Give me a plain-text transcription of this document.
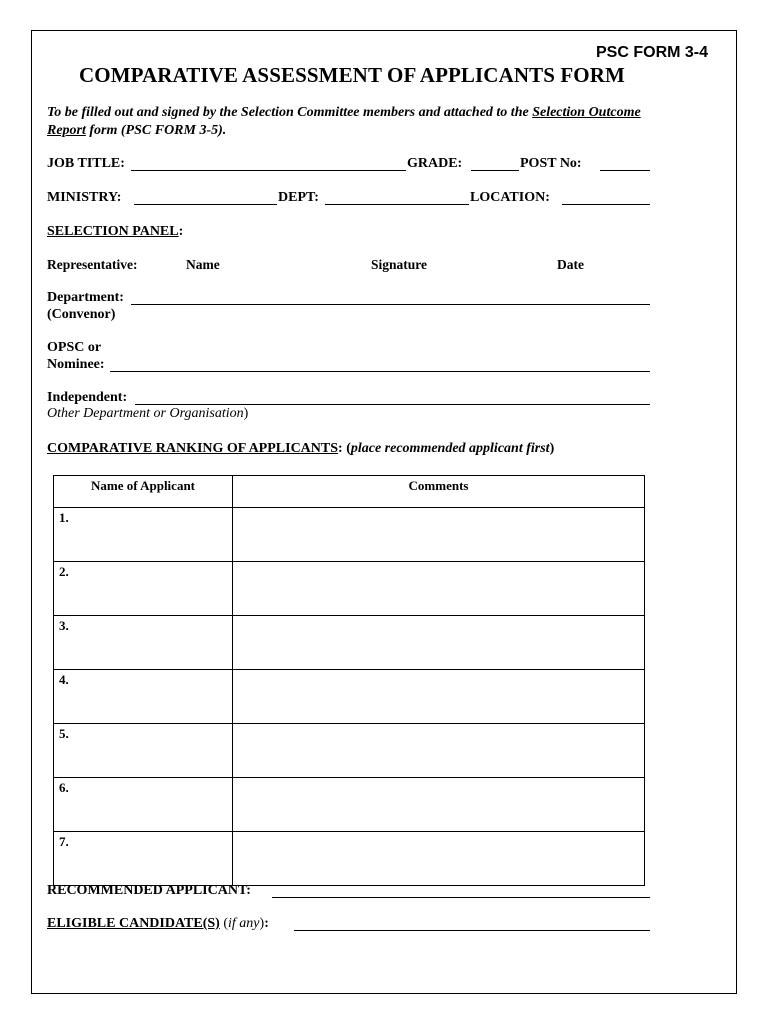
PSC FORM 3-4
COMPARATIVE ASSESSMENT OF APPLICANTS FORM
To be filled out and signed by the Selection Committee members and attached to the Selection Outcome
Report form (PSC FORM 3-5).
JOB TITLE:	GRADE:	POST No:
MINISTRY:	DEPT:	LOCATION:
SELECTION PANEL:
Representative:	Name	Signature	Date
Department:
(Convenor)
OPSC or
Nominee:
Independent:
Other Department or Organisation)
COMPARATIVE RANKING OF APPLICANTS: (place recommended applicant first)
Name of Applicant	Comments
1.	
2.	
3.	
4.	
5.	
6.	
7.	
RECOMMENDED APPLICANT:
ELIGIBLE CANDIDATE(S) (if any):
